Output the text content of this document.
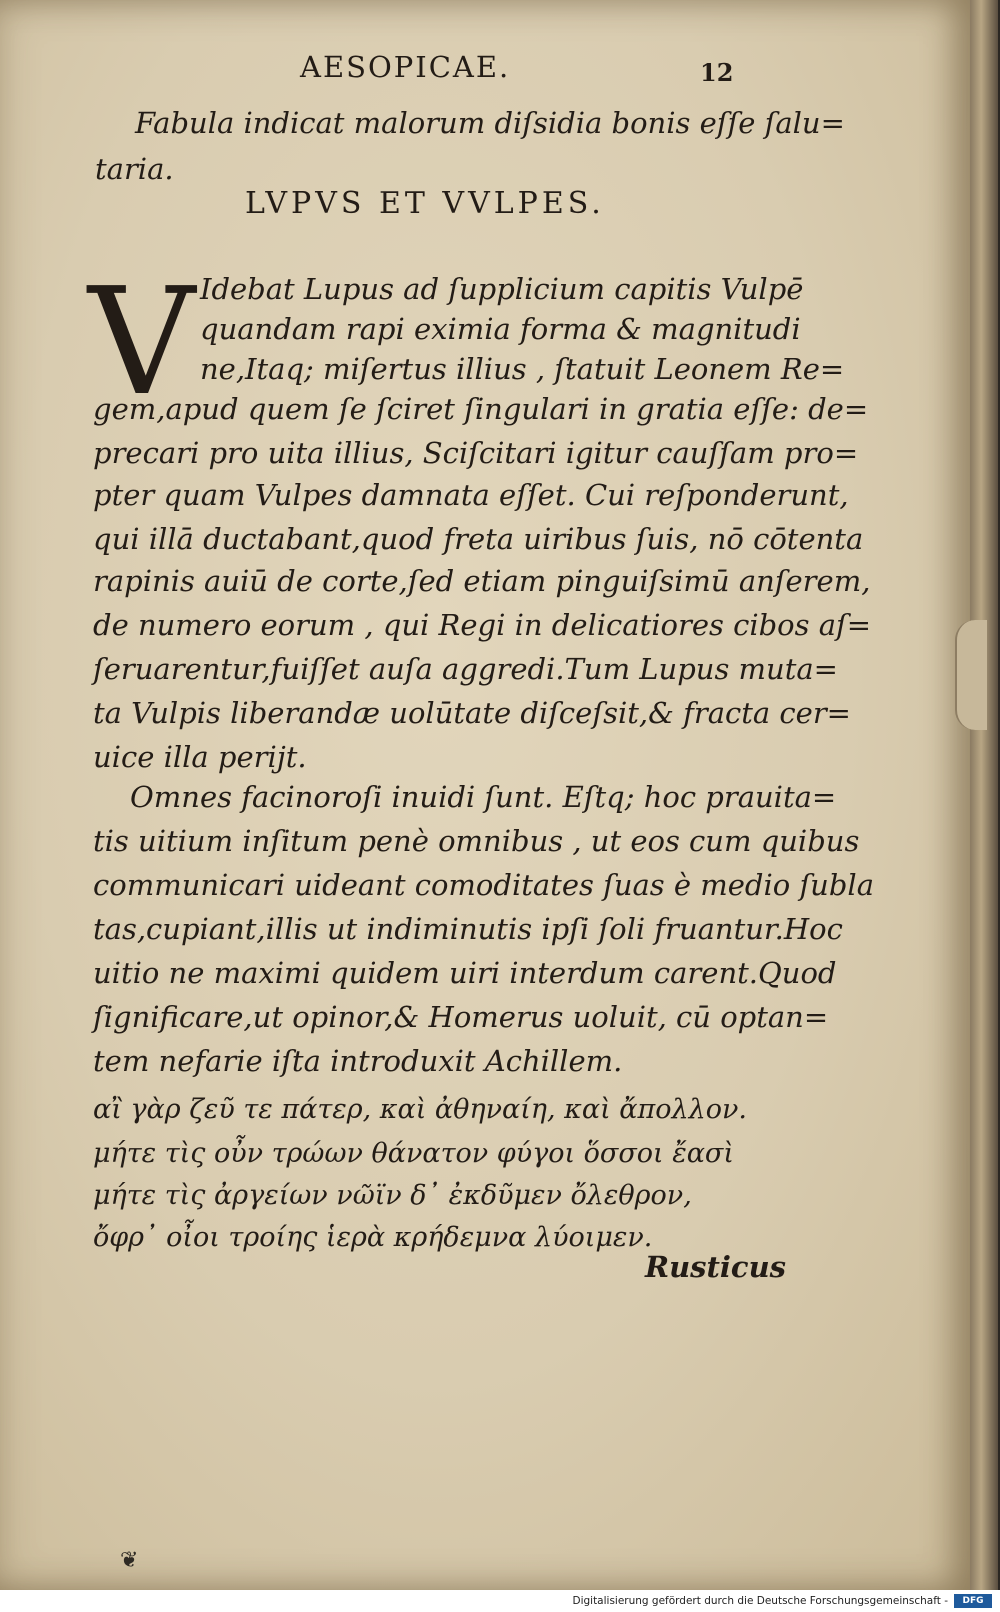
AESOPICAE.	12
Fabula indicat malorum diſsidia bonis eſſe ſalu=
taria.
LVPVS ET VVLPES.
V Idebat Lupus ad ſupplicium capitis Vulpē
quandam rapi eximia forma & magnitudi
ne,Itaq; miſertus illius , ſtatuit Leonem Re=
gem,apud quem ſe ſciret ſingulari in gratia eſſe: de=
precari pro uita illius, Sciſcitari igitur cauſſam pro=
pter quam Vulpes damnata eſſet. Cui reſponderunt,
qui illā ductabant,quod freta uiribus ſuis, nō cōtenta
rapinis auiū de corte,ſed etiam pinguiſsimū anſerem,
de numero eorum , qui Regi in delicatiores cibos aſ=
ſeruarentur,fuiſſet auſa aggredi.Tum Lupus muta=
ta Vulpis liberandæ uolūtate diſceſsit,& fracta cer=
uice illa perijt.
Omnes facinoroſi inuidi ſunt. Eſtq; hoc prauita=
tis uitium inſitum penè omnibus , ut eos cum quibus
communicari uideant comoditates ſuas è medio ſubla
tas,cupiant,illis ut indiminutis ipſi ſoli fruantur.Hoc
uitio ne maximi quidem uiri interdum carent.Quod
ſignificare,ut opinor,& Homerus uoluit, cū optan=
tem nefarie iſta introduxit Achillem.
αἲ γὰρ ζεῦ τε πάτερ, καὶ ἀθηναίη, καὶ ἄπολλον.
μήτε τὶς οὖν τρώων θάνατον φύγοι ὅσσοι ἔασὶ
μήτε τὶς ἀργείων νῶϊν δ᾽ ἐκδῦμεν ὄλεθρον,
ὄφρ᾽ οἶοι τροίης ἱερὰ κρήδεμνα λύοιμεν.
Rusticus
❦
Digitalisierung gefördert durch die Deutsche Forschungsgemeinschaft - DFG
